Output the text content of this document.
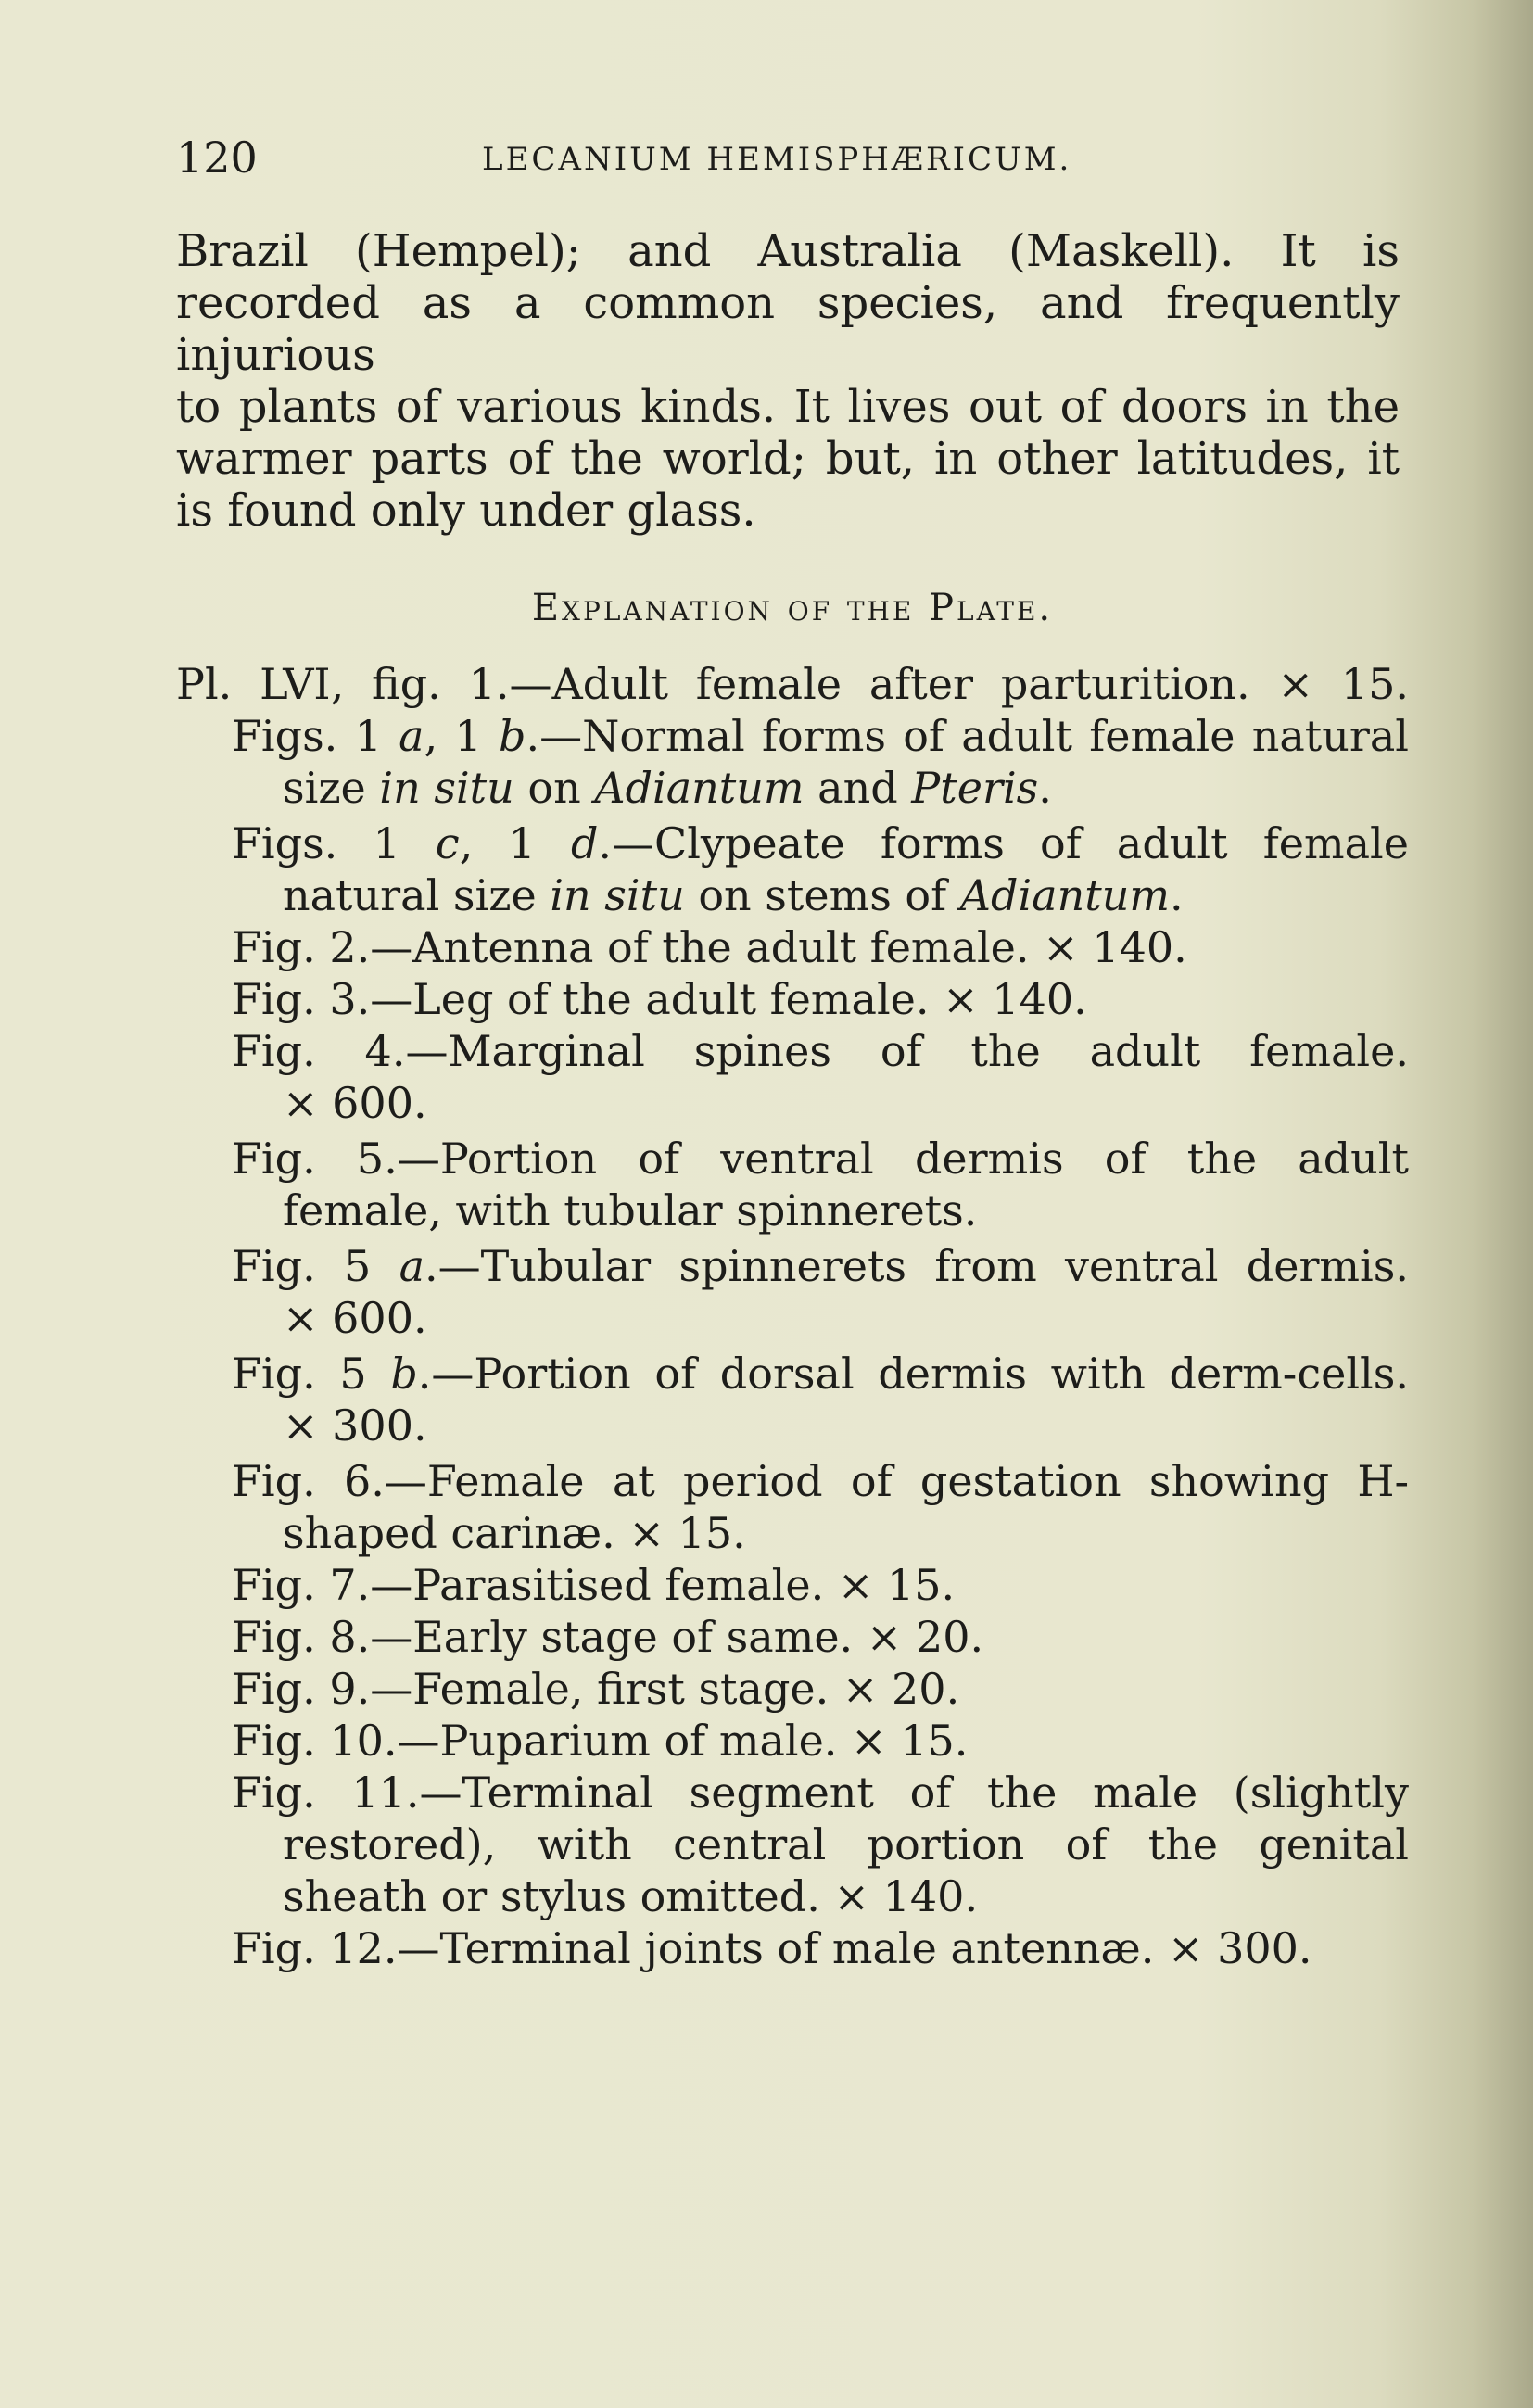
120	LECANIUM HEMISPHÆRICUM.
Brazil (Hempel); and Australia (Maskell). It is
recorded as a common species, and frequently injurious
to plants of various kinds. It lives out of doors in the
warmer parts of the world; but, in other latitudes, it
is found only under glass.
Explanation of the Plate.
Pl. LVI, fig. 1.—Adult female after parturition. × 15.
Figs. 1 a, 1 b.—Normal forms of adult female natural
size in situ on Adiantum and Pteris.
Figs. 1 c, 1 d.—Clypeate forms of adult female
natural size in situ on stems of Adiantum.
Fig. 2.—Antenna of the adult female. × 140.
Fig. 3.—Leg of the adult female. × 140.
Fig. 4.—Marginal spines of the adult female.
× 600.
Fig. 5.—Portion of ventral dermis of the adult
female, with tubular spinnerets.
Fig. 5 a.—Tubular spinnerets from ventral dermis.
× 600.
Fig. 5 b.—Portion of dorsal dermis with derm-cells.
× 300.
Fig. 6.—Female at period of gestation showing H-
shaped carinæ. × 15.
Fig. 7.—Parasitised female. × 15.
Fig. 8.—Early stage of same. × 20.
Fig. 9.—Female, first stage. × 20.
Fig. 10.—Puparium of male. × 15.
Fig. 11.—Terminal segment of the male (slightly
restored), with central portion of the genital
sheath or stylus omitted. × 140.
Fig. 12.—Terminal joints of male antennæ. × 300.
